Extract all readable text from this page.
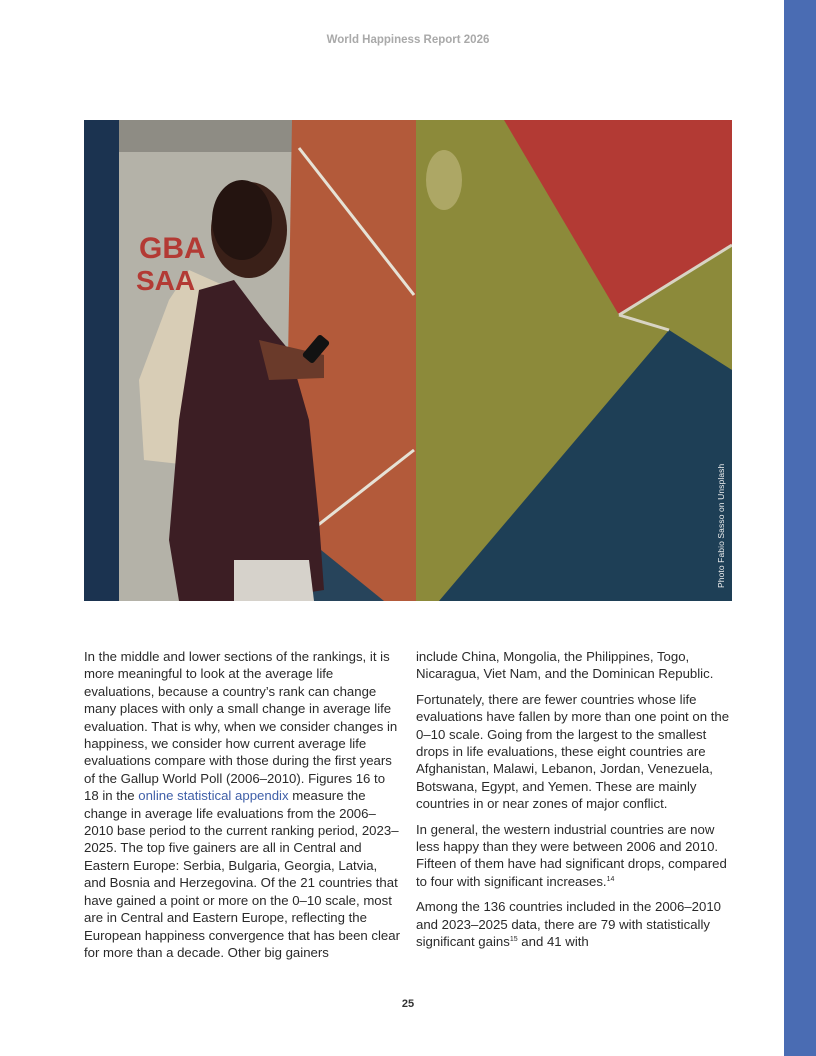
World Happiness Report 2026
GBA
SAA
Photo Fabio Sasso on Unsplash

In the middle and lower sections of the rankings, it is more meaningful to look at the average life evaluations, because a country’s rank can change many places with only a small change in average life evaluation. That is why, when we consider changes in happiness, we consider how current average life evaluations compare with those during the first years of the Gallup World Poll (2006–2010). Figures 16 to 18 in the online statistical appendix measure the change in average life evaluations from the 2006–2010 base period to the current ranking period, 2023–2025. The top five gainers are all in Central and Eastern Europe: Serbia, Bulgaria, Georgia, Latvia, and Bosnia and Herzegovina. Of the 21 countries that have gained a point or more on the 0–10 scale, most are in Central and Eastern Europe, reflecting the European happiness convergence that has been clear for more than a decade. Other big gainers

include China, Mongolia, the Philippines, Togo, Nicaragua, Viet Nam, and the Dominican Republic.

Fortunately, there are fewer countries whose life evaluations have fallen by more than one point on the 0–10 scale. Going from the largest to the smallest drops in life evaluations, these eight countries are Afghanistan, Malawi, Lebanon, Jordan, Venezuela, Botswana, Egypt, and Yemen. These are mainly countries in or near zones of major conflict.

In general, the western industrial countries are now less happy than they were between 2006 and 2010. Fifteen of them have had significant drops, compared to four with significant increases.$^{14}$

Among the 136 countries included in the 2006–2010 and 2023–2025 data, there are 79 with statistically significant gains$^{15}$ and 41 with

25
